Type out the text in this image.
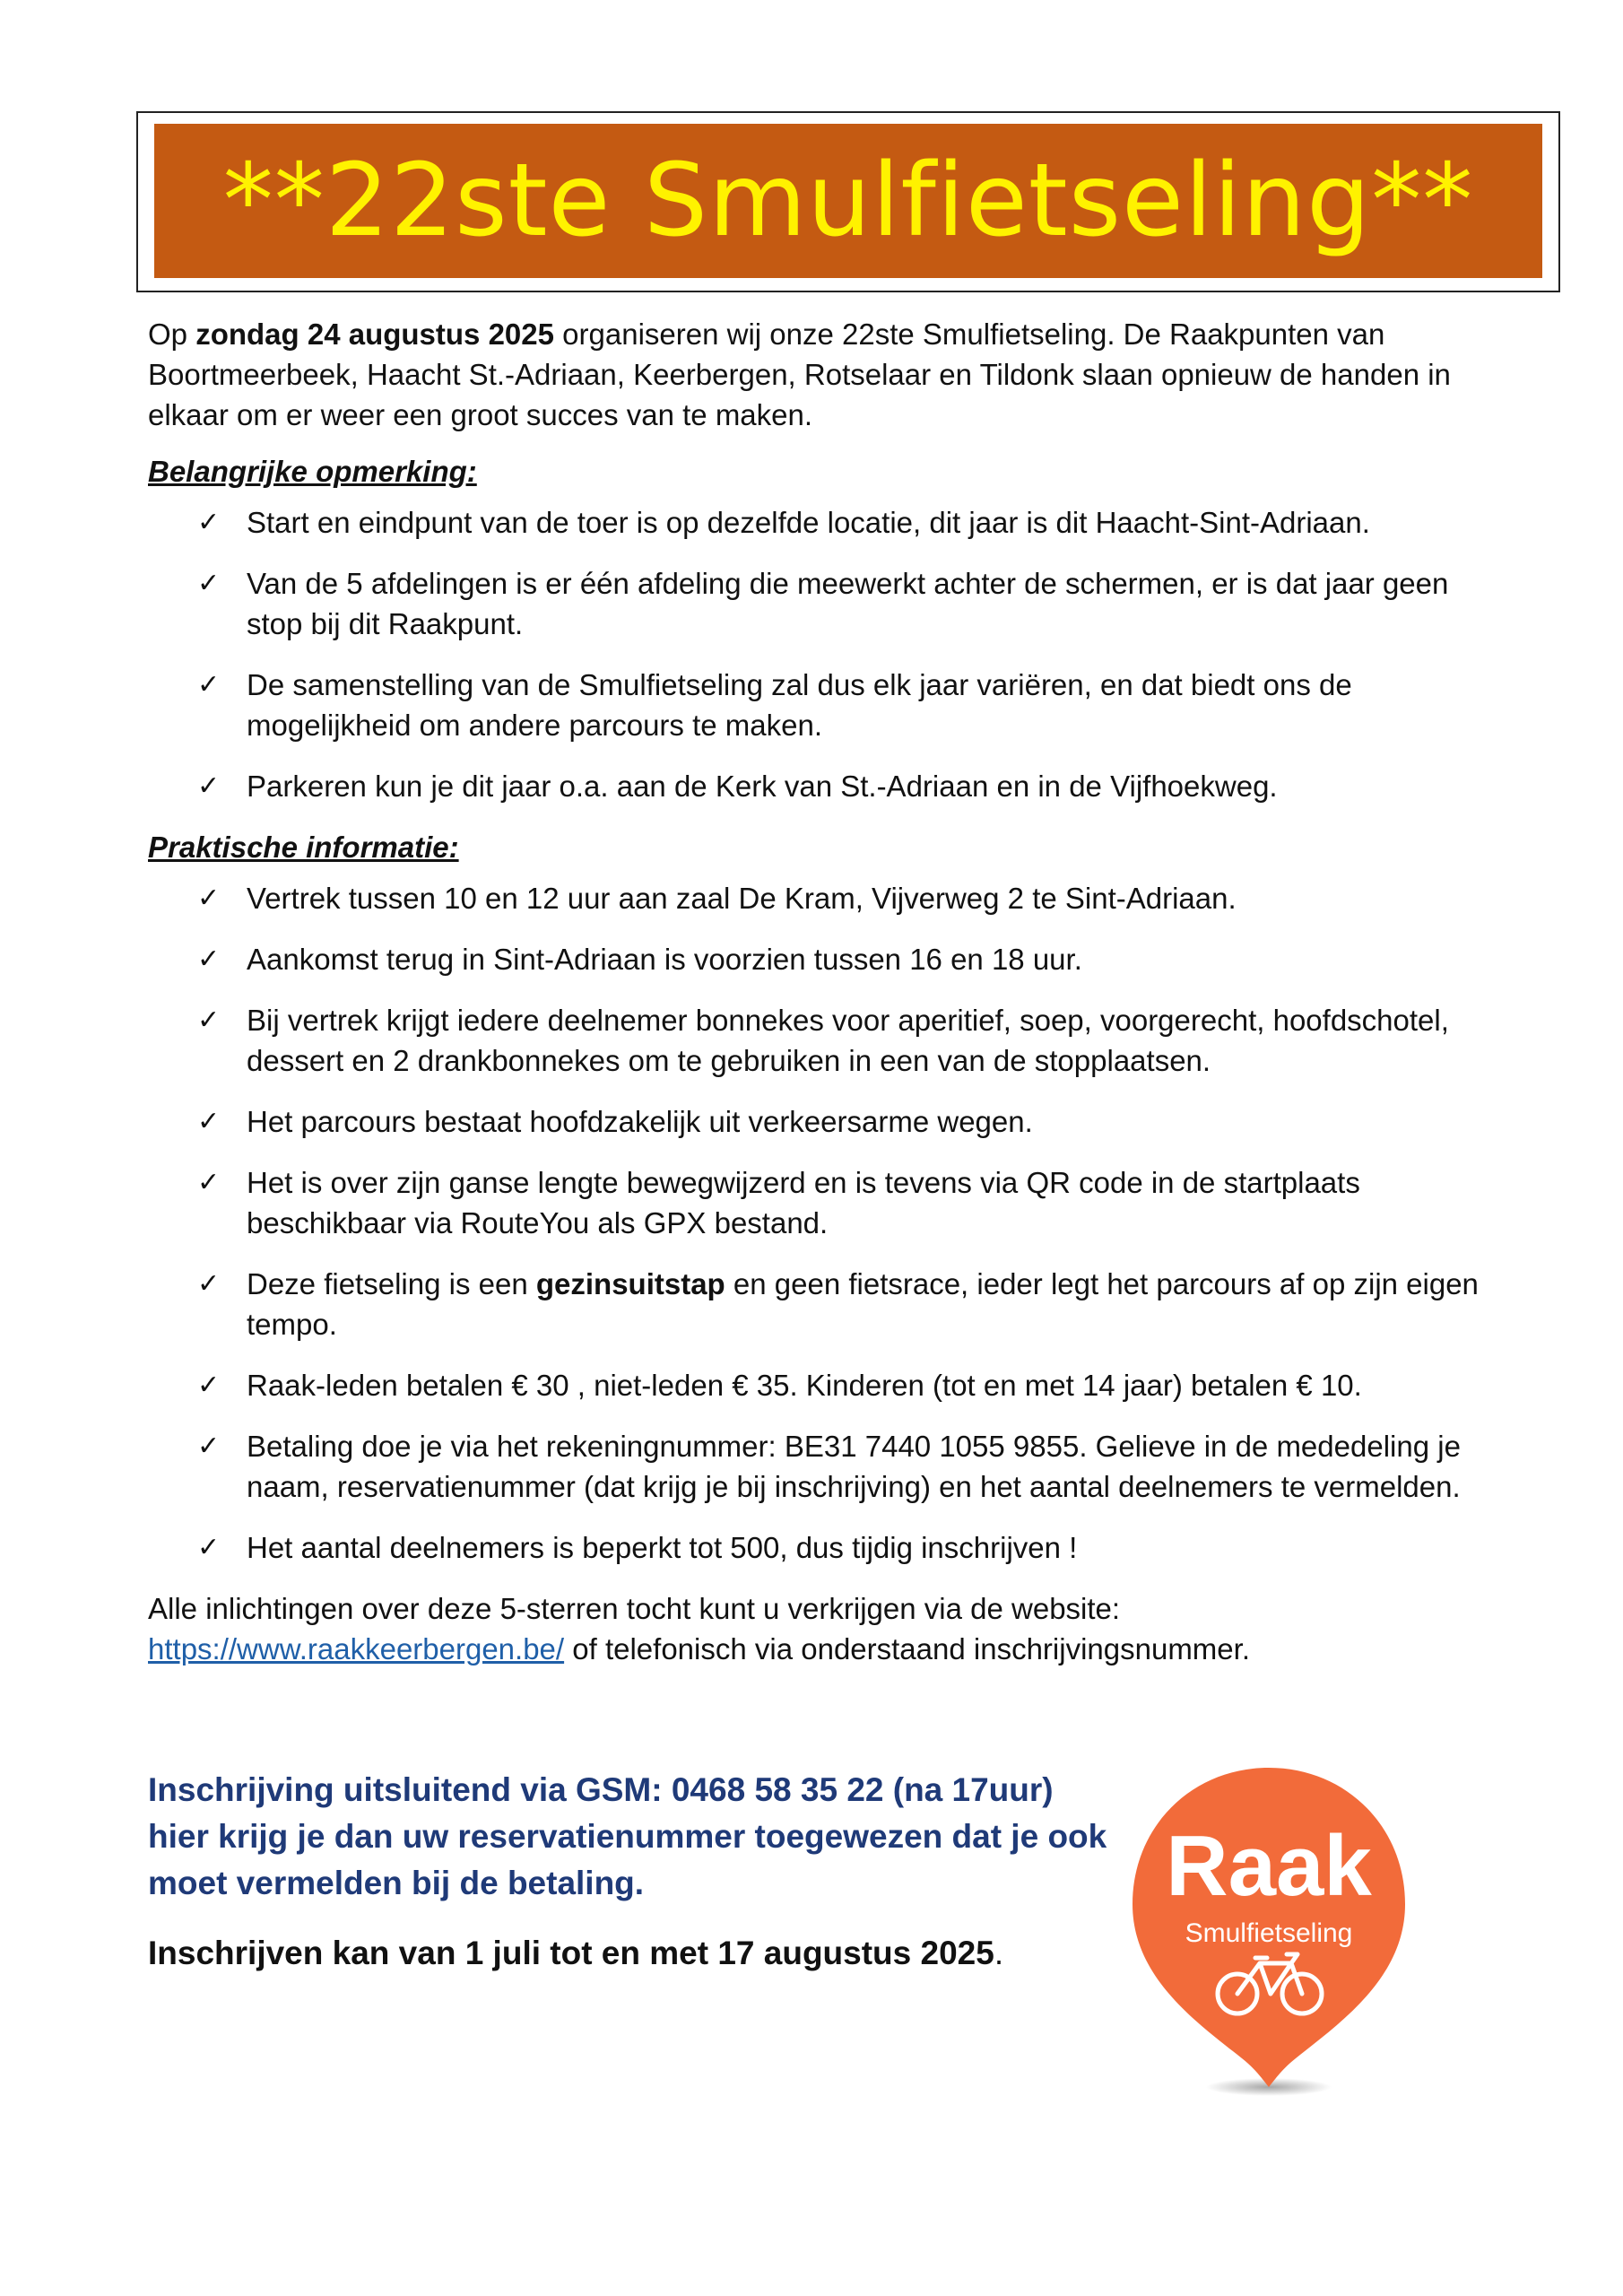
**22ste Smulfietseling**

Op zondag 24 augustus 2025 organiseren wij onze 22ste Smulfietseling. De Raakpunten van Boortmeerbeek, Haacht St.-Adriaan, Keerbergen, Rotselaar en Tildonk slaan opnieuw de handen in elkaar om er weer een groot succes van te maken.

Belangrijke opmerking:
✓ Start en eindpunt van de toer is op dezelfde locatie, dit jaar is dit Haacht-Sint-Adriaan.
✓ Van de 5 afdelingen is er één afdeling die meewerkt achter de schermen, er is dat jaar geen stop bij dit Raakpunt.
✓ De samenstelling van de Smulfietseling zal dus elk jaar variëren, en dat biedt ons de mogelijkheid om andere parcours te maken.
✓ Parkeren kun je dit jaar o.a. aan de Kerk van St.-Adriaan en in de Vijfhoekweg.
Praktische informatie:
✓ Vertrek tussen 10 en 12 uur aan zaal De Kram, Vijverweg 2 te Sint-Adriaan.
✓ Aankomst terug in Sint-Adriaan is voorzien tussen 16 en 18 uur.
✓ Bij vertrek krijgt iedere deelnemer bonnekes voor aperitief, soep, voorgerecht, hoofdschotel, dessert en 2 drankbonnekes om te gebruiken in een van de stopplaatsen.
✓ Het parcours bestaat hoofdzakelijk uit verkeersarme wegen.
✓ Het is over zijn ganse lengte bewegwijzerd en is tevens via QR code in de startplaats beschikbaar via RouteYou als GPX bestand.
✓ Deze fietseling is een gezinsuitstap en geen fietsrace, ieder legt het parcours af op zijn eigen tempo.
✓ Raak-leden betalen € 30 , niet-leden € 35. Kinderen (tot en met 14 jaar) betalen € 10.
✓ Betaling doe je via het rekeningnummer: BE31 7440 1055 9855. Gelieve in de mededeling je naam, reservatienummer (dat krijg je bij inschrijving) en het aantal deelnemers te vermelden.
✓ Het aantal deelnemers is beperkt tot 500, dus tijdig inschrijven !

Alle inlichtingen over deze 5-sterren tocht kunt u verkrijgen via de website:
https://www.raakkeerbergen.be/ of telefonisch via onderstaand inschrijvingsnummer.

Inschrijving uitsluitend via GSM: 0468 58 35 22 (na 17uur) hier krijg je dan uw reservatienummer toegewezen dat je ook moet vermelden bij de betaling.

Inschrijven kan van 1 juli tot en met 17 augustus 2025.

Raak
Smulfietseling
